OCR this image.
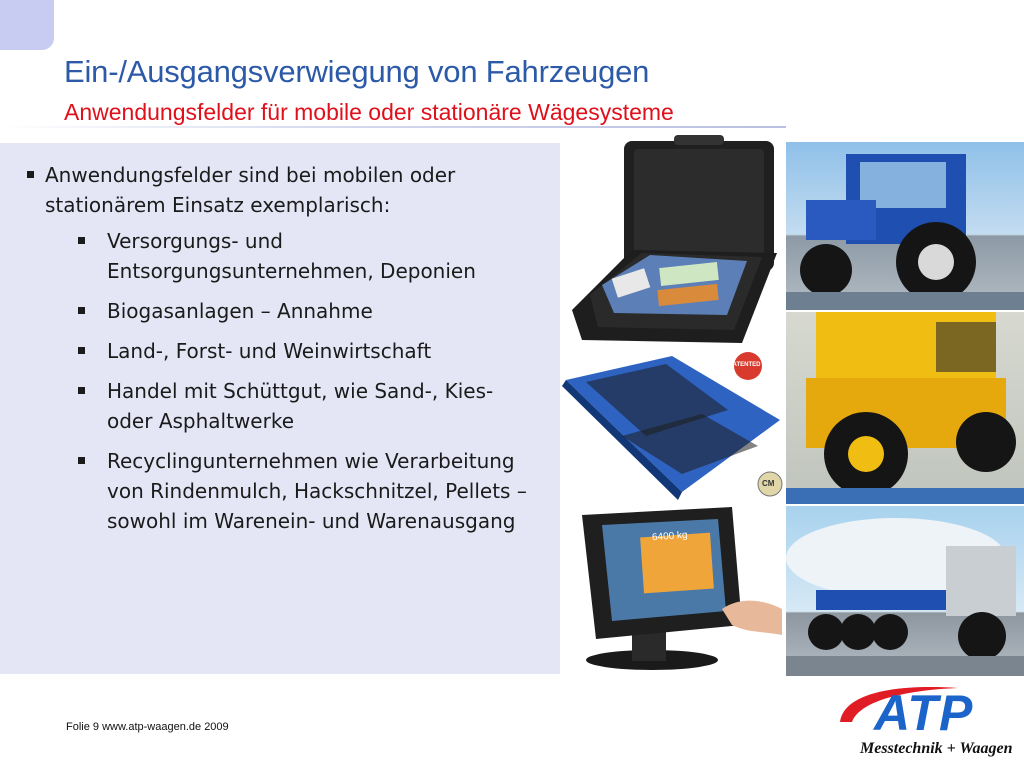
Ein-/Ausgangsverwiegung von Fahrzeugen
Anwendungsfelder für mobile oder stationäre Wägesysteme
Anwendungsfelder sind bei mobilen oder stationärem Einsatz exemplarisch:
Versorgungs- und Entsorgungsunternehmen, Deponien
Biogasanlagen – Annahme
Land-, Forst- und Weinwirtschaft
Handel mit Schüttgut, wie Sand-, Kies- oder Asphaltwerke
Recyclingunternehmen wie Verarbeitung von Rindenmulch, Hackschnitzel, Pellets – sowohl im Warenein- und Warenausgang
PATENTED
CM
6400 kg
Folie 9 www.atp-waagen.de 2009	ATP
Messtechnik + Waagen
